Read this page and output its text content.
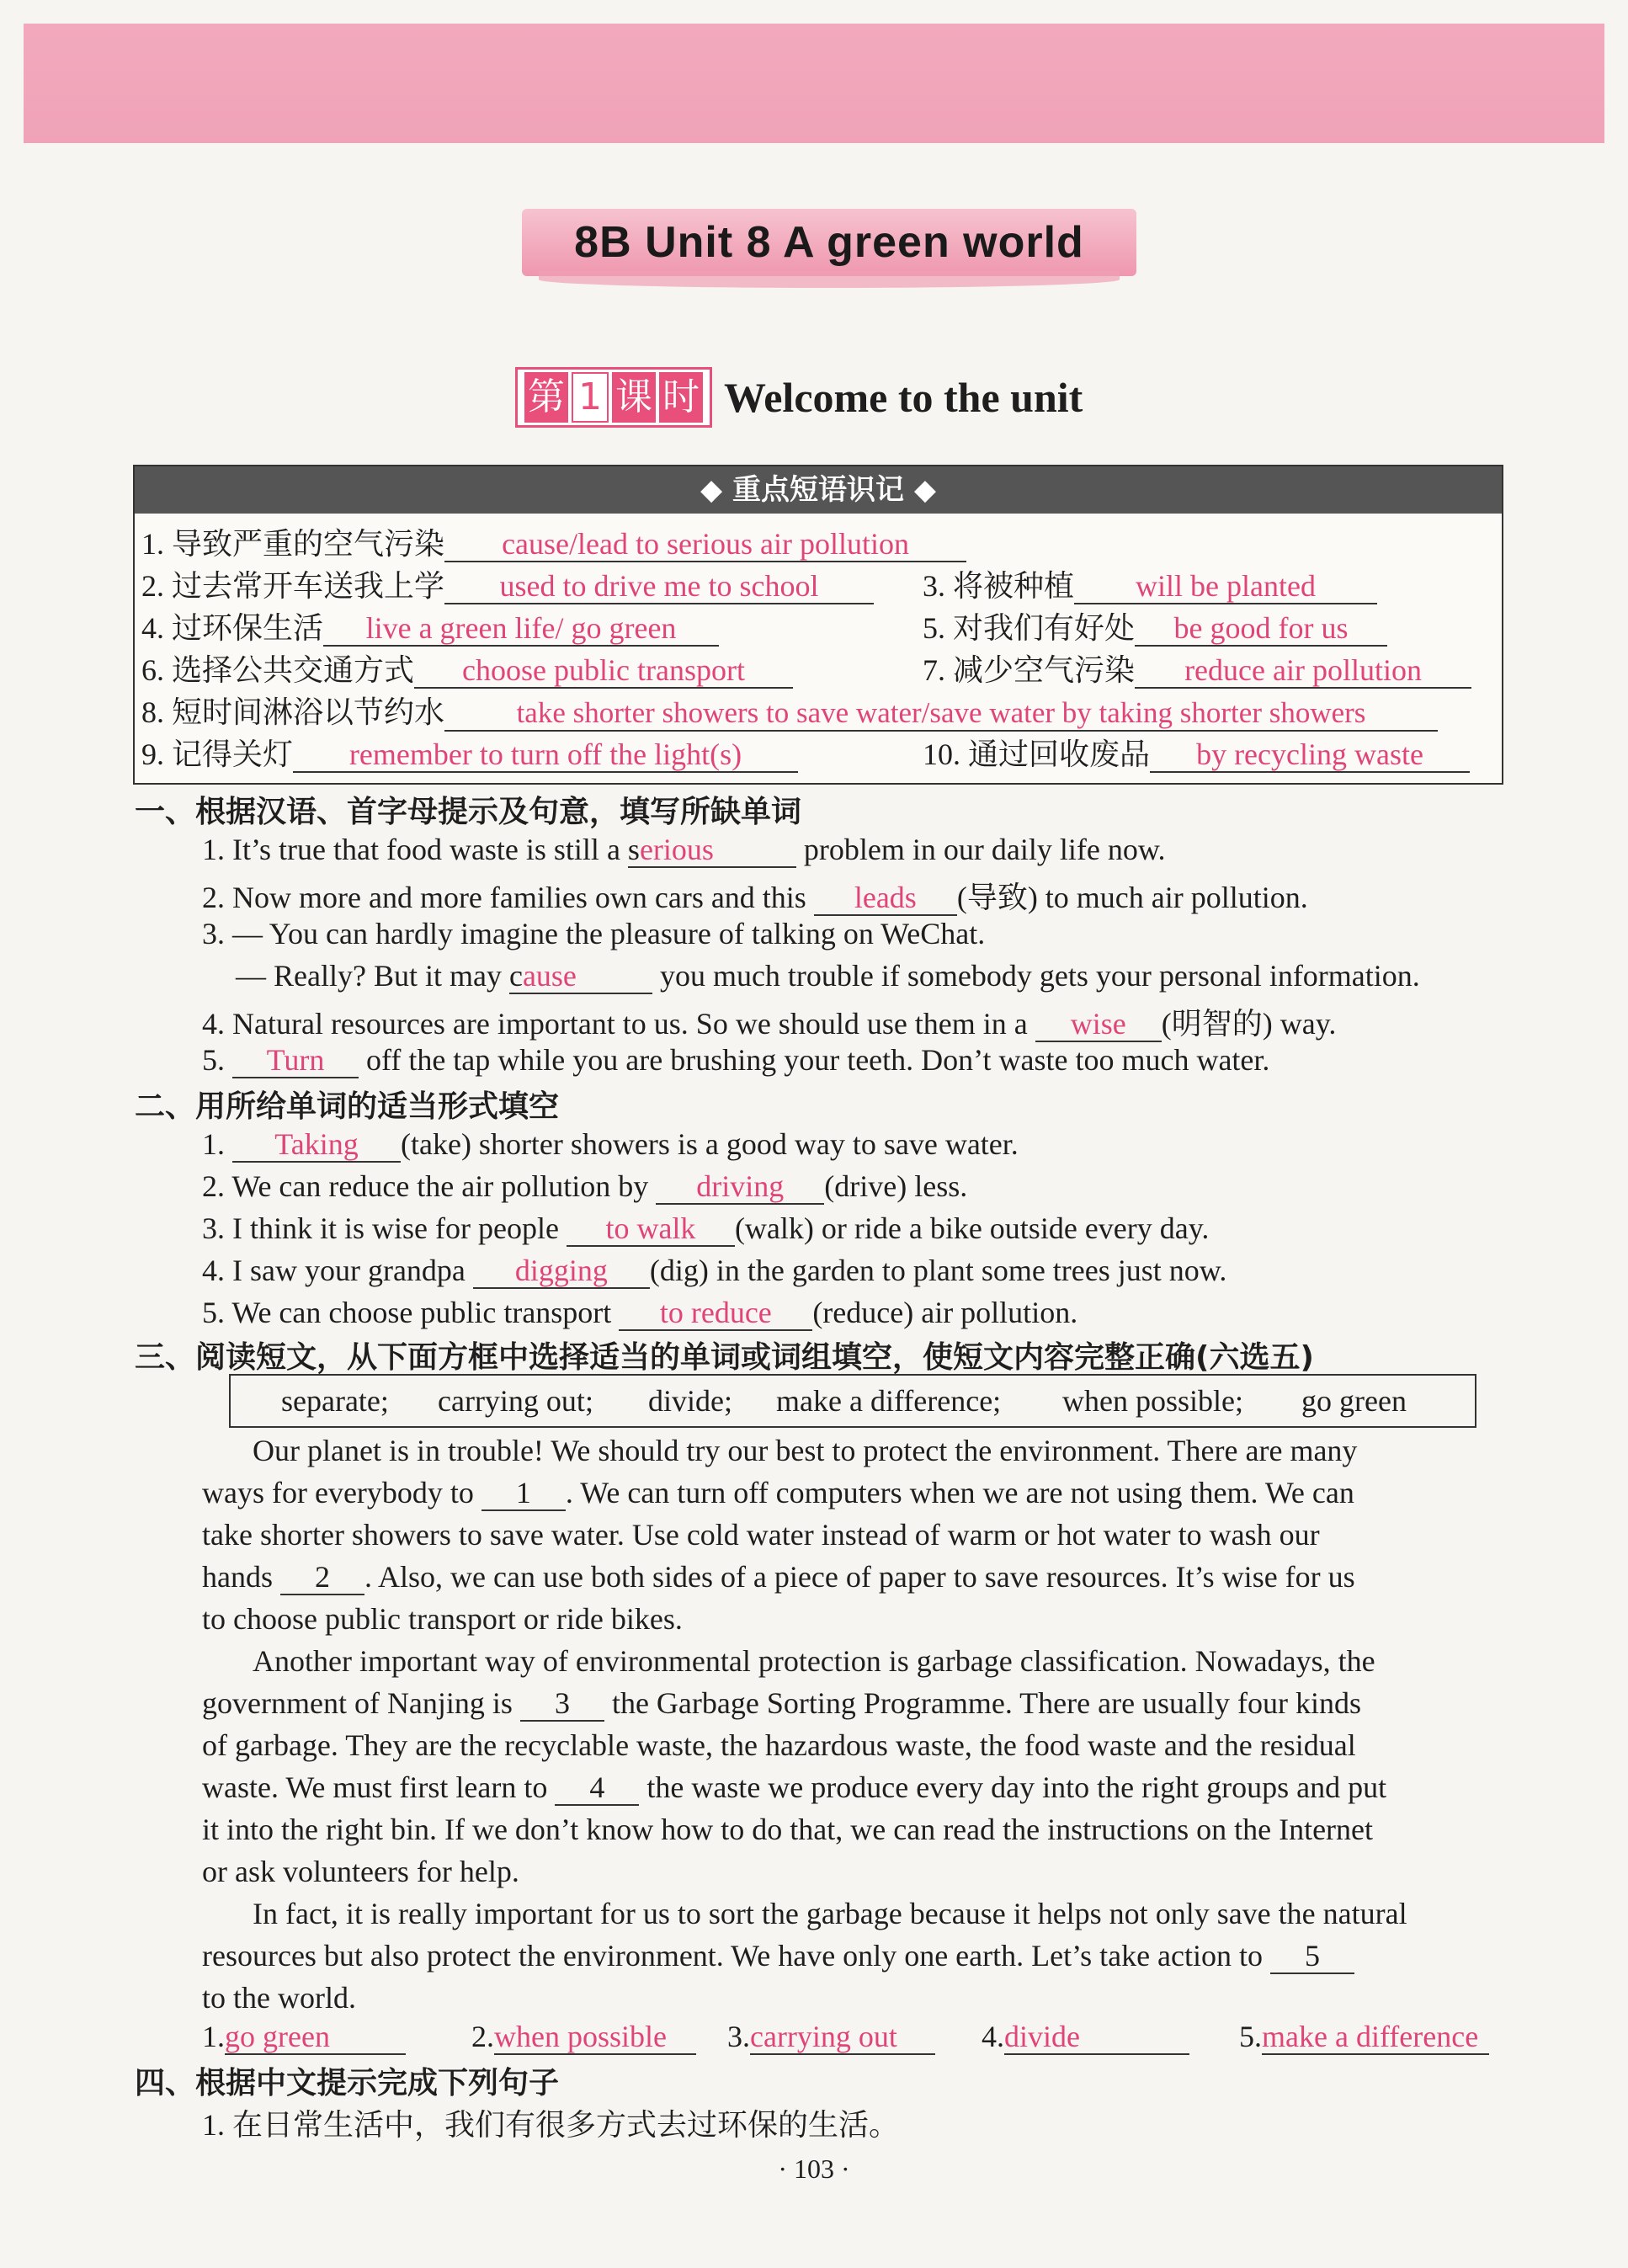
8B Unit 8 A green world
第 1 课 时 Welcome to the unit
◆ 重点短语识记 ◆
1. 导致严重的空气污染 cause/lead to serious air pollution
2. 过去常开车送我上学 used to drive me to school	3. 将被种植 will be planted
4. 过环保生活 live a green life/ go green	5. 对我们有好处 be good for us
6. 选择公共交通方式 choose public transport	7. 减少空气污染 reduce air pollution
8. 短时间淋浴以节约水 take shorter showers to save water/save water by taking shorter showers
9. 记得关灯 remember to turn off the light(s)	10. 通过回收废品 by recycling waste
一、根据汉语、首字母提示及句意，填写所缺单词
1. It’s true that food waste is still a serious	problem in our daily life now.
2. Now more and more families own cars and this leads (导致) to much air pollution.
3. — You can hardly imagine the pleasure of talking on WeChat.
— Really? But it may cause	you much trouble if somebody gets your personal information.
4. Natural resources are important to us. So we should use them in a wise (明智的) way.
5. Turn off the tap while you are brushing your teeth. Don’t waste too much water.
二、用所给单词的适当形式填空
1. Taking (take) shorter showers is a good way to save water.
2. We can reduce the air pollution by driving (drive) less.
3. I think it is wise for people to walk (walk) or ride a bike outside every day.
4. I saw your grandpa digging (dig) in the garden to plant some trees just now.
5. We can choose public transport to reduce (reduce) air pollution.
三、阅读短文，从下面方框中选择适当的单词或词组填空，使短文内容完整正确(六选五)
separate; carrying out; divide; make a difference; when possible; go green
Our planet is in trouble! We should try our best to protect the environment. There are many
ways for everybody to 1 . We can turn off computers when we are not using them. We can
take shorter showers to save water. Use cold water instead of warm or hot water to wash our
hands 2 . Also, we can use both sides of a piece of paper to save resources. It’s wise for us
to choose public transport or ride bikes.
Another important way of environmental protection is garbage classification. Nowadays, the
government of Nanjing is 3 the Garbage Sorting Programme. There are usually four kinds
of garbage. They are the recyclable waste, the hazardous waste, the food waste and the residual
waste. We must first learn to 4 the waste we produce every day into the right groups and put
it into the right bin. If we don’t know how to do that, we can read the instructions on the Internet
or ask volunteers for help.
In fact, it is really important for us to sort the garbage because it helps not only save the natural
resources but also protect the environment. We have only one earth. Let’s take action to 5
to the world.
1.go green	2.when possible	3.carrying out	4.divide	5.make a difference
四、根据中文提示完成下列句子
1. 在日常生活中，我们有很多方式去过环保的生活。
· 103 ·
